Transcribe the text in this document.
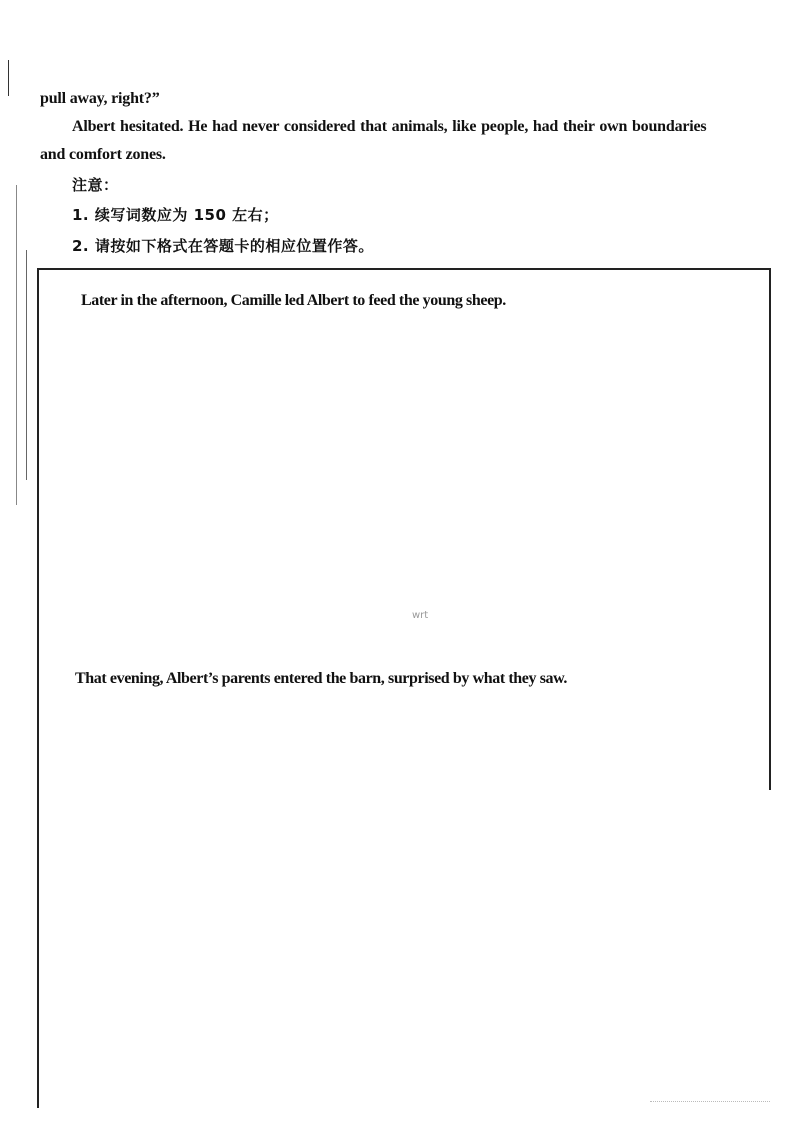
pull away, right?”
Albert hesitated. He had never considered that animals, like people, had their own boundaries
and comfort zones.
注意：
1. 续写词数应为 150 左右；
2. 请按如下格式在答题卡的相应位置作答。
Later in the afternoon, Camille led Albert to feed the young sheep.
wrt
That evening, Albert’s parents entered the barn, surprised by what they saw.
